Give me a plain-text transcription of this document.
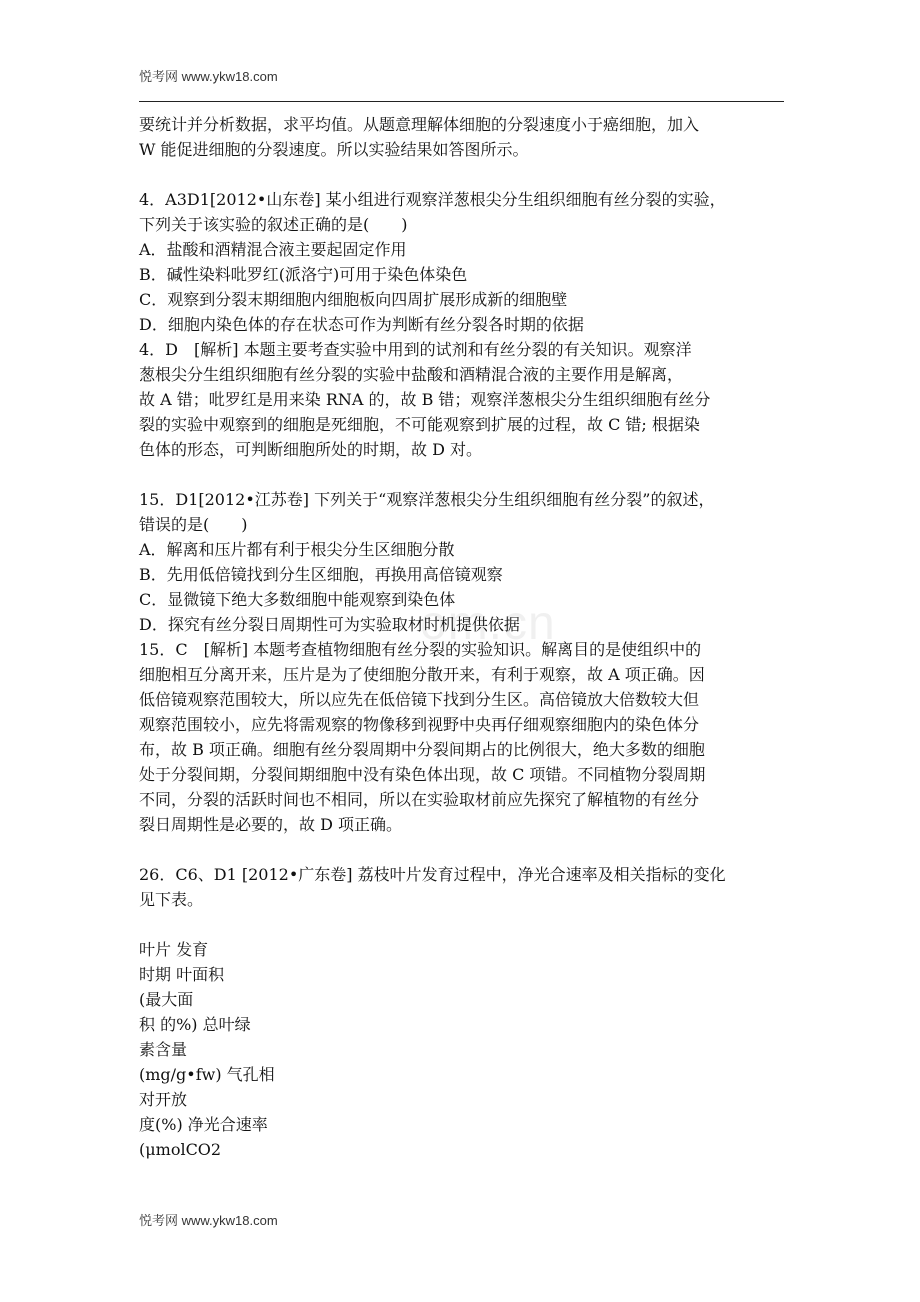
悦考网 www.ykw18.com
om.cn
要统计并分析数据，求平均值。从题意理解体细胞的分裂速度小于癌细胞，加入
W 能促进细胞的分裂速度。所以实验结果如答图所示。
4．A3D1[2012•山东卷] 某小组进行观察洋葱根尖分生组织细胞有丝分裂的实验，
下列关于该实验的叙述正确的是(　　)
A．盐酸和酒精混合液主要起固定作用
B．碱性染料吡罗红(派洛宁)可用于染色体染色
C．观察到分裂末期细胞内细胞板向四周扩展形成新的细胞壁
D．细胞内染色体的存在状态可作为判断有丝分裂各时期的依据
4．D　[解析] 本题主要考查实验中用到的试剂和有丝分裂的有关知识。观察洋
葱根尖分生组织细胞有丝分裂的实验中盐酸和酒精混合液的主要作用是解离，
故 A 错；吡罗红是用来染 RNA 的，故 B 错；观察洋葱根尖分生组织细胞有丝分
裂的实验中观察到的细胞是死细胞，不可能观察到扩展的过程，故 C 错; 根据染
色体的形态，可判断细胞所处的时期，故 D 对。
15．D1[2012•江苏卷] 下列关于“观察洋葱根尖分生组织细胞有丝分裂”的叙述，
错误的是(　　)
A．解离和压片都有利于根尖分生区细胞分散
B．先用低倍镜找到分生区细胞，再换用高倍镜观察
C．显微镜下绝大多数细胞中能观察到染色体
D．探究有丝分裂日周期性可为实验取材时机提供依据
15．C　[解析] 本题考查植物细胞有丝分裂的实验知识。解离目的是使组织中的
细胞相互分离开来，压片是为了使细胞分散开来，有利于观察，故 A 项正确。因
低倍镜观察范围较大，所以应先在低倍镜下找到分生区。高倍镜放大倍数较大但
观察范围较小，应先将需观察的物像移到视野中央再仔细观察细胞内的染色体分
布，故 B 项正确。细胞有丝分裂周期中分裂间期占的比例很大，绝大多数的细胞
处于分裂间期，分裂间期细胞中没有染色体出现，故 C 项错。不同植物分裂周期
不同，分裂的活跃时间也不相同，所以在实验取材前应先探究了解植物的有丝分
裂日周期性是必要的，故 D 项正确。
26．C6、D1 [2012•广东卷] 荔枝叶片发育过程中，净光合速率及相关指标的变化
见下表。
叶片 发育
时期 叶面积
(最大面
积 的%) 总叶绿
素含量
(mg/g•fw) 气孔相
对开放
度(%) 净光合速率
(μmolCO2
悦考网 www.ykw18.com
